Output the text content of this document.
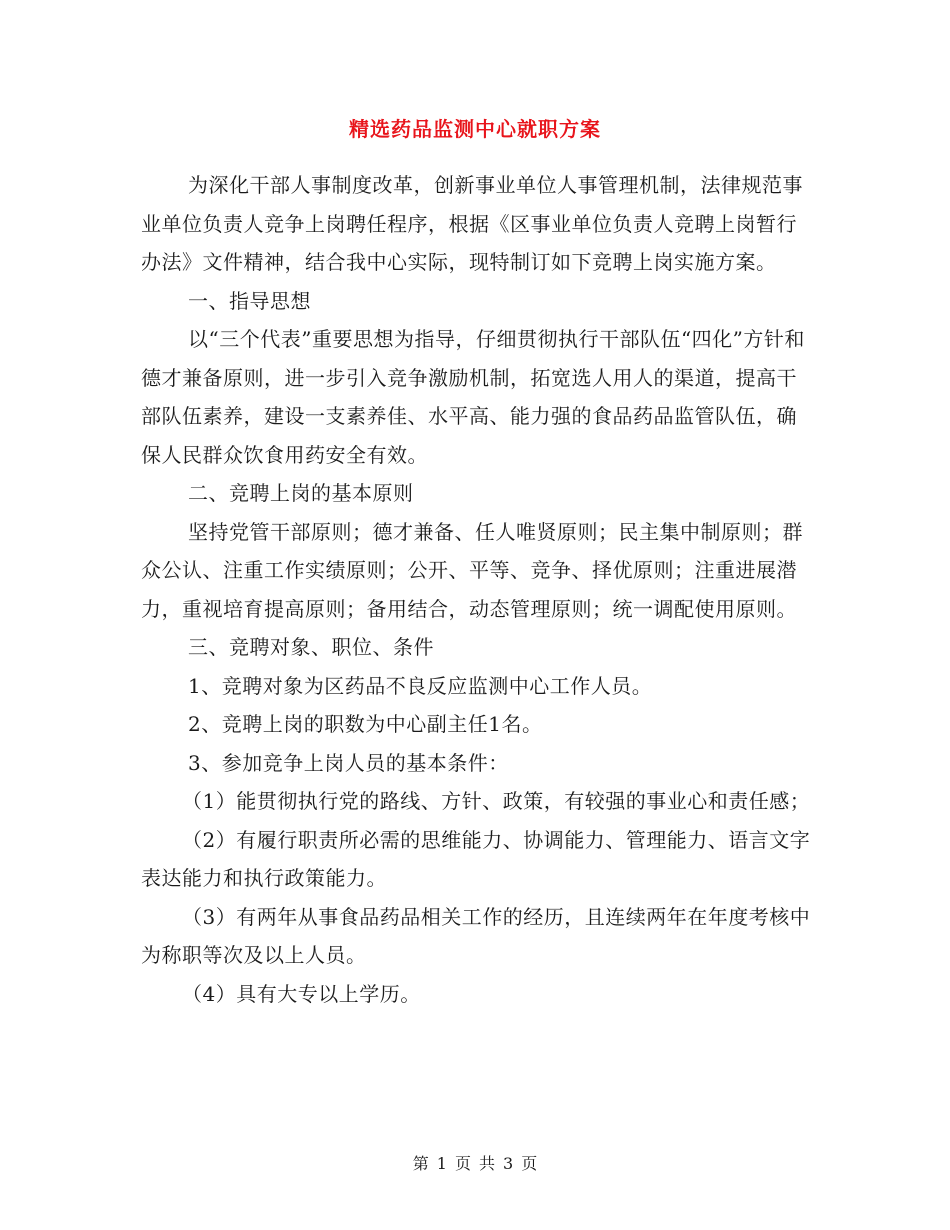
精选药品监测中心就职方案

为深化干部人事制度改革，创新事业单位人事管理机制，法律规范事业单位负责人竞争上岗聘任程序，根据《区事业单位负责人竞聘上岗暂行办法》文件精神，结合我中心实际，现特制订如下竞聘上岗实施方案。

一、指导思想

以“三个代表”重要思想为指导，仔细贯彻执行干部队伍“四化”方针和德才兼备原则，进一步引入竞争激励机制，拓宽选人用人的渠道，提高干部队伍素养，建设一支素养佳、水平高、能力强的食品药品监管队伍，确保人民群众饮食用药安全有效。

二、竞聘上岗的基本原则

坚持党管干部原则；德才兼备、任人唯贤原则；民主集中制原则；群众公认、注重工作实绩原则；公开、平等、竞争、择优原则；注重进展潜力，重视培育提高原则；备用结合，动态管理原则；统一调配使用原则。

三、竞聘对象、职位、条件

1、竞聘对象为区药品不良反应监测中心工作人员。

2、竞聘上岗的职数为中心副主任1名。

3、参加竞争上岗人员的基本条件：

（1）能贯彻执行党的路线、方针、政策，有较强的事业心和责任感；

（2）有履行职责所必需的思维能力、协调能力、管理能力、语言文字表达能力和执行政策能力。

（3）有两年从事食品药品相关工作的经历，且连续两年在年度考核中为称职等次及以上人员。

（4）具有大专以上学历。

第 1 页 共 3 页
